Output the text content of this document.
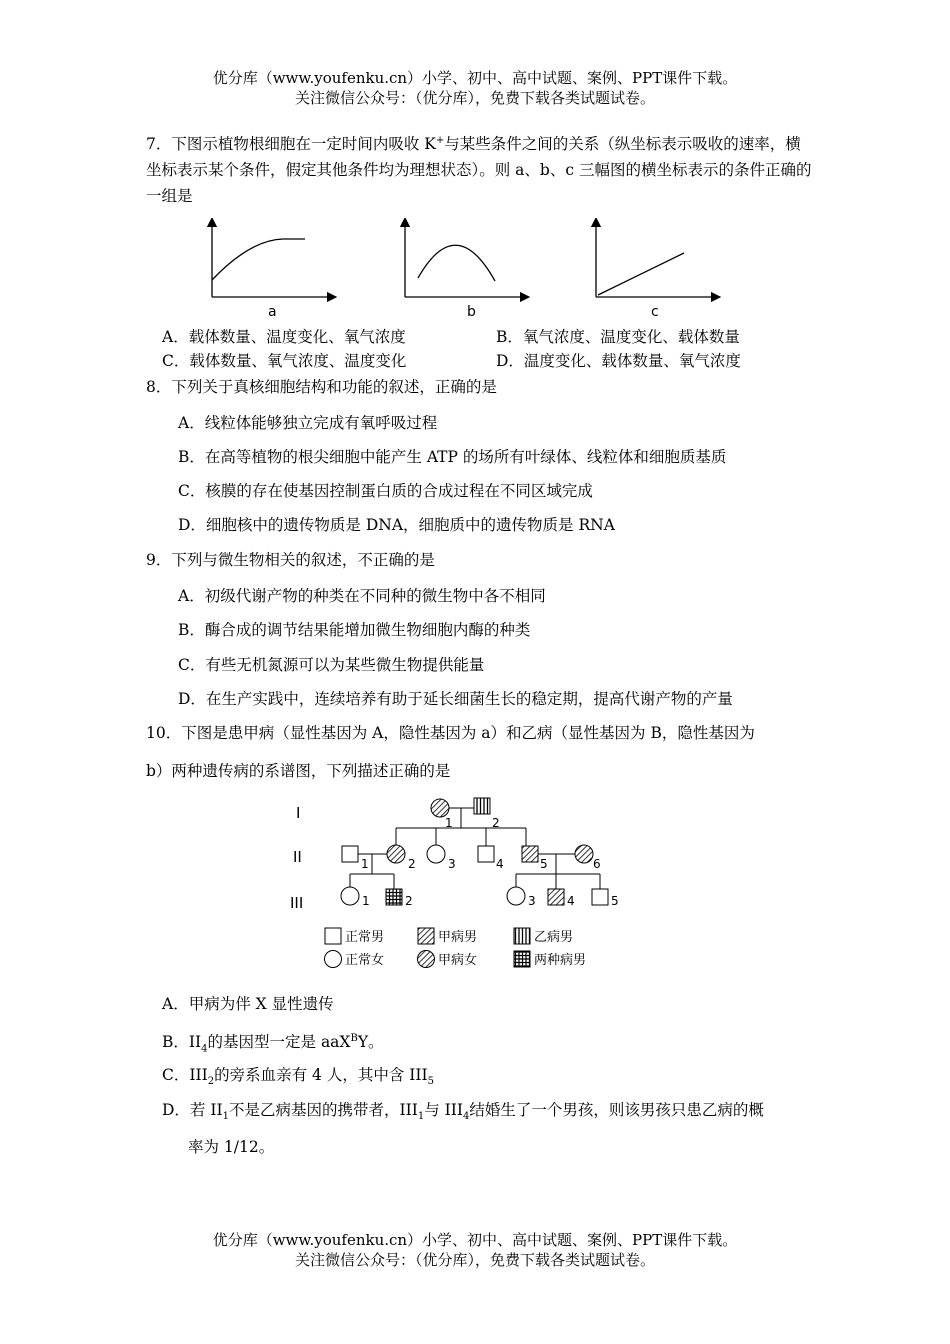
优分库（www.youfenku.cn）小学、初中、高中试题、案例、PPT课件下载。
关注微信公众号：（优分库），免费下载各类试题试卷。
7．下图示植物根细胞在一定时间内吸收 K+与某些条件之间的关系（纵坐标表示吸收的速率，横坐标表示某个条件，假定其他条件均为理想状态）。则 a、b、c 三幅图的横坐标表示的条件正确的一组是
a	b	c
A．载体数量、温度变化、氧气浓度	B．氧气浓度、温度变化、载体数量
C．载体数量、氧气浓度、温度变化	D．温度变化、载体数量、氧气浓度
8．下列关于真核细胞结构和功能的叙述，正确的是
A．线粒体能够独立完成有氧呼吸过程
B．在高等植物的根尖细胞中能产生 ATP 的场所有叶绿体、线粒体和细胞质基质
C．核膜的存在使基因控制蛋白质的合成过程在不同区域完成
D．细胞核中的遗传物质是 DNA，细胞质中的遗传物质是 RNA
9．下列与微生物相关的叙述，不正确的是
A．初级代谢产物的种类在不同种的微生物中各不相同
B．酶合成的调节结果能增加微生物细胞内酶的种类
C．有些无机氮源可以为某些微生物提供能量
D．在生产实践中，连续培养有助于延长细菌生长的稳定期，提高代谢产物的产量
10．下图是患甲病（显性基因为 A，隐性基因为 a）和乙病（显性基因为 B，隐性基因为
b）两种遗传病的系谱图，下列描述正确的是
I
II
III
1	2
1	2	3	4	5	6
1	2	3	4	5
正常男	甲病男	乙病男
正常女	甲病女	两种病男
A．甲病为伴 X 显性遗传
B．$II_4$的基因型一定是 aaX$^B$Y。
C．$III_2$的旁系血亲有 4 人，其中含 $III_5$
D．若 $II_1$不是乙病基因的携带者，$III_1$与 $III_4$结婚生了一个男孩，则该男孩只患乙病的概
率为 1/12。
优分库（www.youfenku.cn）小学、初中、高中试题、案例、PPT课件下载。
关注微信公众号：（优分库），免费下载各类试题试卷。
